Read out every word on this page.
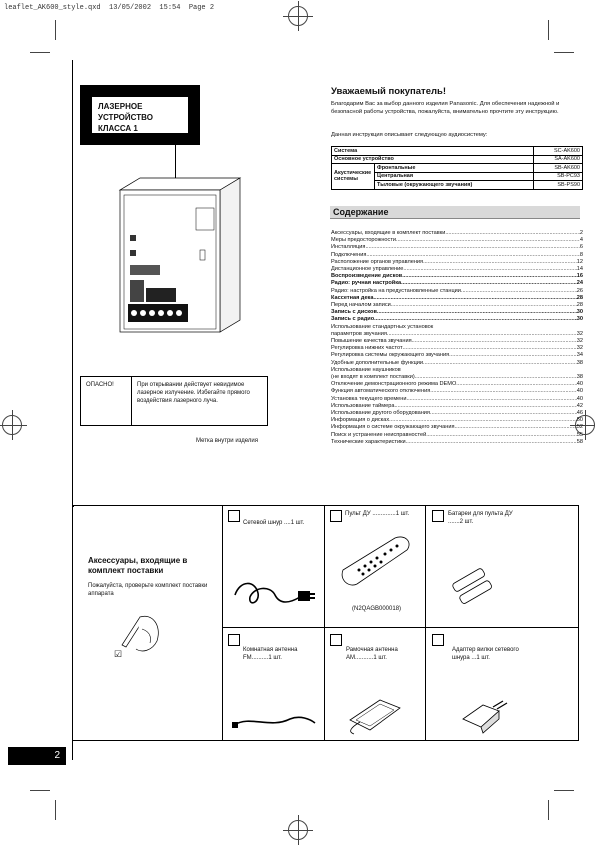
leaflet_AK600_style.qxd  13/05/2002  15:54  Page 2
ЛАЗЕРНОЕ УСТРОЙСТВО
КЛАССА 1
ОПАСНО!	При открывании действует невидимое лазерное излучение. Избегайте прямого воздействия лазерного луча.
Метка внутри изделия
Уважаемый покупатель!
Благодарим Вас за выбор данного изделия Panasonic. Для обеспечения надежной и безопасной работы устройства, пожалуйста, внимательно прочтите эту инструкцию.
Данная инструкция описывает следующую аудиосистему:
Система		SC-AK600
Основное устройство		SA-AK600
Акустические системы	Фронтальные	SB-AK600
	Центральная	SB-PC93
	Тыловые (окружающего звучания)	SB-PS90
Содержание
Аксессуары, входящие в комплект поставки .....	2
Меры предосторожности .....	4
Инсталляция .....	6
Подключения .....	8
Расположение органов управления .....	12
Дистанционное управление .....	14
Воспроизведение дисков .....	16
Радио: ручная настройка .....	24
Радио: настройка на предустановленные станции .....	26
Кассетная дека .....	28
Перед началом записи .....	28
Запись с дисков .....	30
Запись с радио .....	30
Использование стандартных установок
параметров звучания .....	32
Повышение качества звучания .....	32
Регулировка нижних частот .....	32
Регулировка системы окружающего звучания .....	34
Удобные дополнительные функции .....	38
Использование наушников
(не входят в комплект поставки) .....	38
Отключение демонстрационного режима DEMO .....	40
Функция автоматического отключения .....	40
Установка текущего времени .....	40
Использование таймера .....	42
Использование другого оборудования .....	46
Информация о дисках .....	50
Информация о системе окружающего звучания .....	52
Поиск и устранение неисправностей .....	55
Технические характеристики .....	58
Аксессуары, входящие в комплект поставки
Пожалуйста, проверьте комплект поставки аппарата
☑
Сетевой шнур ....1 шт.
Пульт ДУ ..............1 шт.
(N2QAGB000018)
Батареи для пульта ДУ .......2 шт.
Комнатная антенна FM..........1 шт.
Рамочная антенна AM...........1 шт.
Адаптер вилки сетевого шнура ...1 шт.
2
